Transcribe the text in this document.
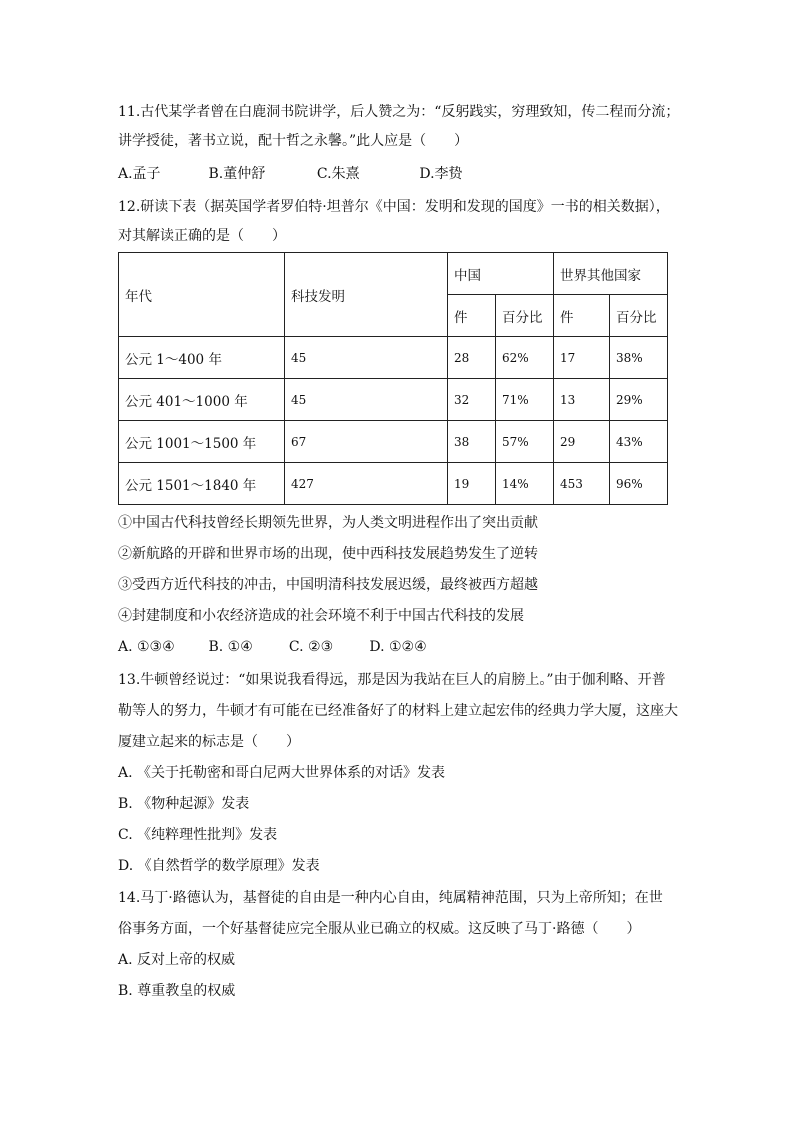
11.古代某学者曾在白鹿洞书院讲学，后人赞之为：“反躬践实，穷理致知，传二程而分流；
讲学授徒，著书立说，配十哲之永馨。”此人应是（　　）
A.孟子	B.董仲舒	C.朱熹	D.李贽
12.研读下表（据英国学者罗伯特·坦普尔《中国：发明和发现的国度》一书的相关数据），
对其解读正确的是（　　）
年代	科技发明	中国		世界其他国家	
		件	百分比	件	百分比
公元 1～400 年	45	28	62%	17	38%
公元 401～1000 年	45	32	71%	13	29%
公元 1001～1500 年	67	38	57%	29	43%
公元 1501～1840 年	427	19	14%	453	96%
①中国古代科技曾经长期领先世界，为人类文明进程作出了突出贡献
②新航路的开辟和世界市场的出现，使中西科技发展趋势发生了逆转
③受西方近代科技的冲击，中国明清科技发展迟缓，最终被西方超越
④封建制度和小农经济造成的社会环境不利于中国古代科技的发展
A. ①③④ B. ①④	C. ②③	D. ①②④
13.牛顿曾经说过：“如果说我看得远，那是因为我站在巨人的肩膀上。”由于伽利略、开普
勒等人的努力，牛顿才有可能在已经准备好了的材料上建立起宏伟的经典力学大厦，这座大
厦建立起来的标志是（　　）
A. 《关于托勒密和哥白尼两大世界体系的对话》发表
B. 《物种起源》发表
C. 《纯粹理性批判》发表
D. 《自然哲学的数学原理》发表
14.马丁·路德认为，基督徒的自由是一种内心自由，纯属精神范围，只为上帝所知；在世
俗事务方面，一个好基督徒应完全服从业已确立的权威。这反映了马丁·路德（　　）
A. 反对上帝的权威
B. 尊重教皇的权威
